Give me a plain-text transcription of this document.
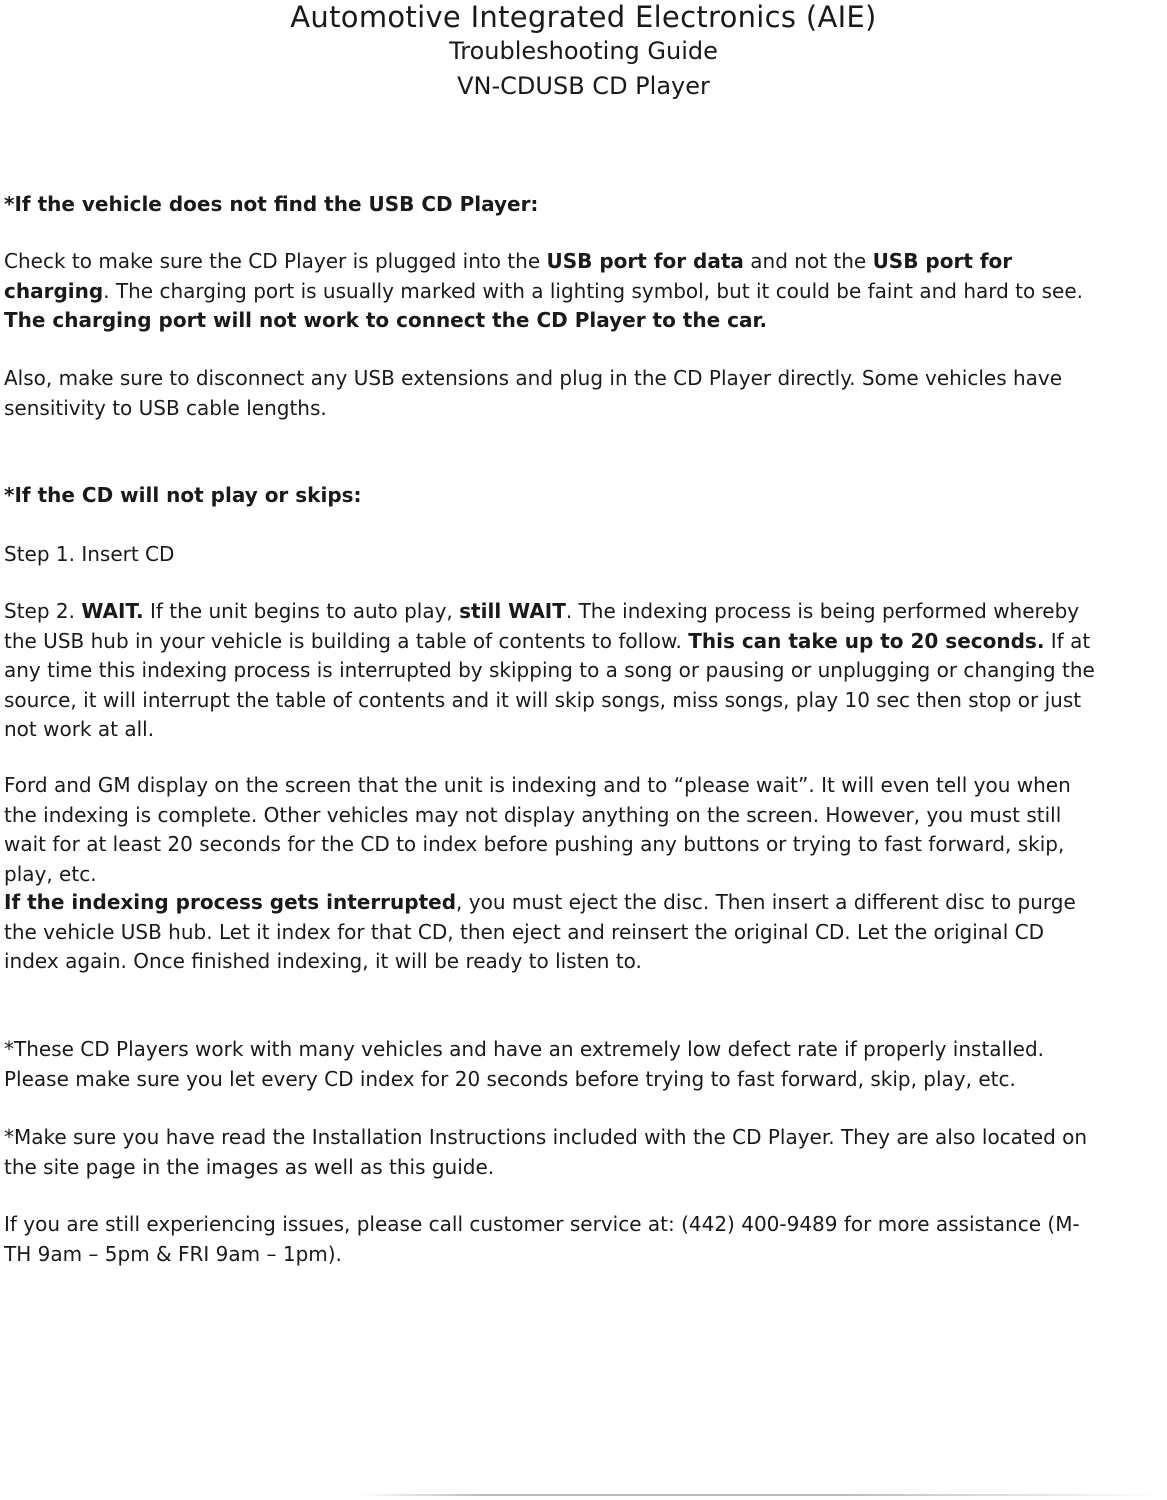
Automotive Integrated Electronics (AIE)

Troubleshooting Guide

VN-CDUSB CD Player

*If the vehicle does not find the USB CD Player:

Check to make sure the CD Player is plugged into the USB port for data and not the USB port for charging. The charging port is usually marked with a lighting symbol, but it could be faint and hard to see. The charging port will not work to connect the CD Player to the car.

Also, make sure to disconnect any USB extensions and plug in the CD Player directly. Some vehicles have sensitivity to USB cable lengths.

*If the CD will not play or skips:

Step 1. Insert CD

Step 2. WAIT. If the unit begins to auto play, still WAIT. The indexing process is being performed whereby the USB hub in your vehicle is building a table of contents to follow. This can take up to 20 seconds. If at any time this indexing process is interrupted by skipping to a song or pausing or unplugging or changing the source, it will interrupt the table of contents and it will skip songs, miss songs, play 10 sec then stop or just not work at all.

Ford and GM display on the screen that the unit is indexing and to “please wait”. It will even tell you when the indexing is complete. Other vehicles may not display anything on the screen. However, you must still wait for at least 20 seconds for the CD to index before pushing any buttons or trying to fast forward, skip, play, etc.

If the indexing process gets interrupted, you must eject the disc. Then insert a different disc to purge the vehicle USB hub. Let it index for that CD, then eject and reinsert the original CD. Let the original CD index again. Once finished indexing, it will be ready to listen to.

*These CD Players work with many vehicles and have an extremely low defect rate if properly installed. Please make sure you let every CD index for 20 seconds before trying to fast forward, skip, play, etc.

*Make sure you have read the Installation Instructions included with the CD Player. They are also located on the site page in the images as well as this guide.

If you are still experiencing issues, please call customer service at: (442) 400-9489 for more assistance (M-TH 9am – 5pm & FRI 9am – 1pm).
